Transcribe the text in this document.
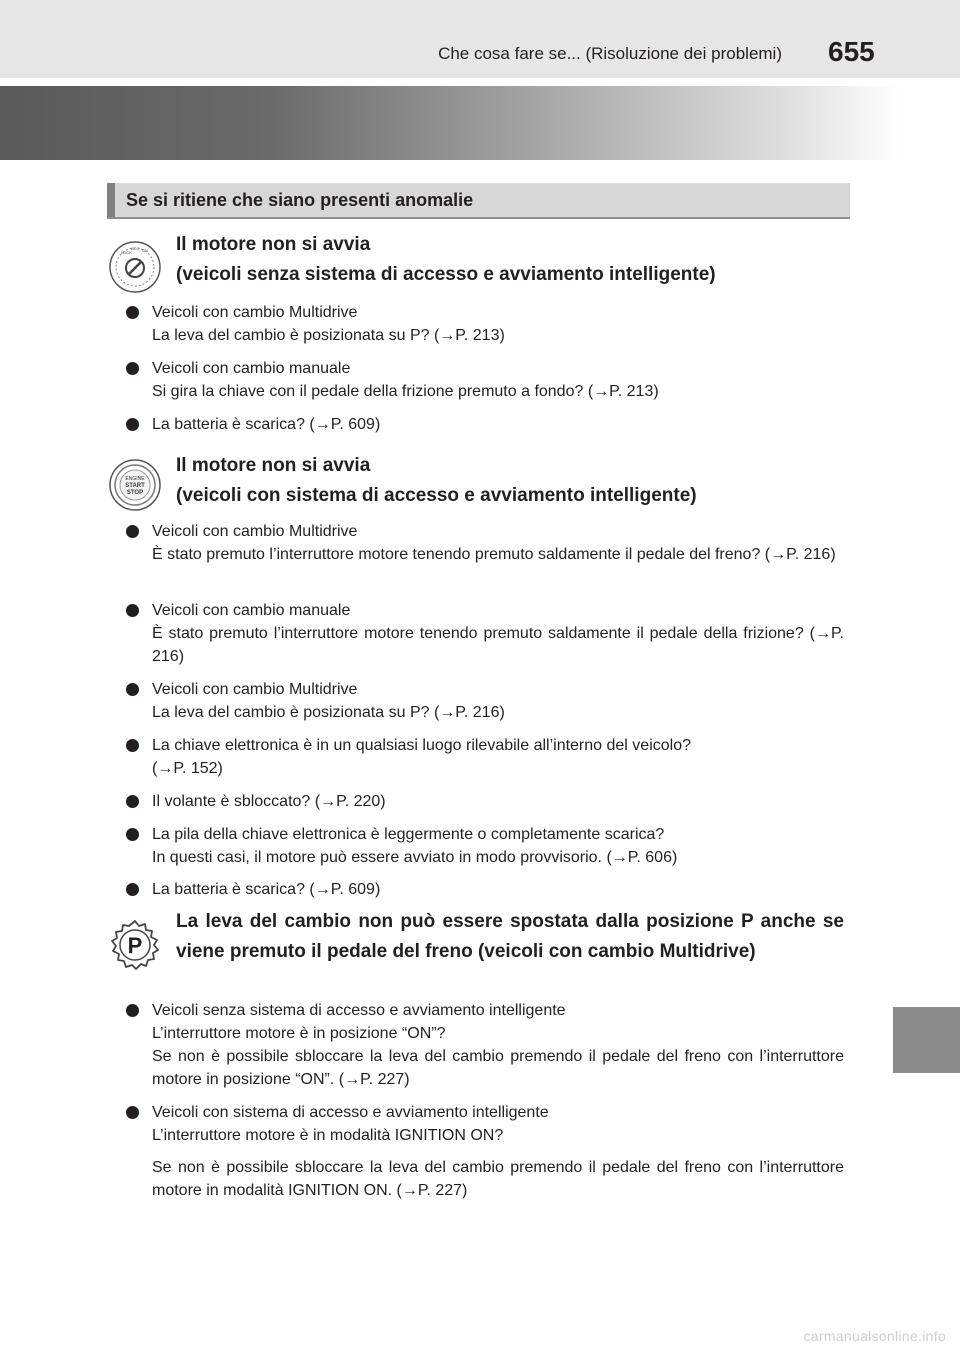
Che cosa fare se... (Risoluzione dei problemi) 655
Se si ritiene che siano presenti anomalie
LOCK
ACC ON Il motore non si avvia
(veicoli senza sistema di accesso e avviamento intelligente)
Veicoli con cambio Multidrive
La leva del cambio è posizionata su P? (→P. 213)
Veicoli con cambio manuale
Si gira la chiave con il pedale della frizione premuto a fondo? (→P. 213)
La batteria è scarica? (→P. 609)
ENGINE
START
STOP
Il motore non si avvia
(veicoli con sistema di accesso e avviamento intelligente)
Veicoli con cambio Multidrive
È stato premuto l’interruttore motore tenendo premuto saldamente il pedale del freno? (→P. 216)
Veicoli con cambio manuale
È stato premuto l’interruttore motore tenendo premuto saldamente il pedale della frizione? (→P. 216)
Veicoli con cambio Multidrive
La leva del cambio è posizionata su P? (→P. 216)
La chiave elettronica è in un qualsiasi luogo rilevabile all’interno del veicolo?
(→P. 152)
Il volante è sbloccato? (→P. 220)
La pila della chiave elettronica è leggermente o completamente scarica?
In questi casi, il motore può essere avviato in modo provvisorio. (→P. 606)
La batteria è scarica? (→P. 609)
P
La leva del cambio non può essere spostata dalla posizione P anche se viene premuto il pedale del freno (veicoli con cambio Multidrive)
Veicoli senza sistema di accesso e avviamento intelligente
L’interruttore motore è in posizione “ON”?
Se non è possibile sbloccare la leva del cambio premendo il pedale del freno con l’interruttore motore in posizione “ON”. (→P. 227)
Veicoli con sistema di accesso e avviamento intelligente
L’interruttore motore è in modalità IGNITION ON?
Se non è possibile sbloccare la leva del cambio premendo il pedale del freno con l’interruttore motore in modalità IGNITION ON. (→P. 227)
carmanualsonline.info
